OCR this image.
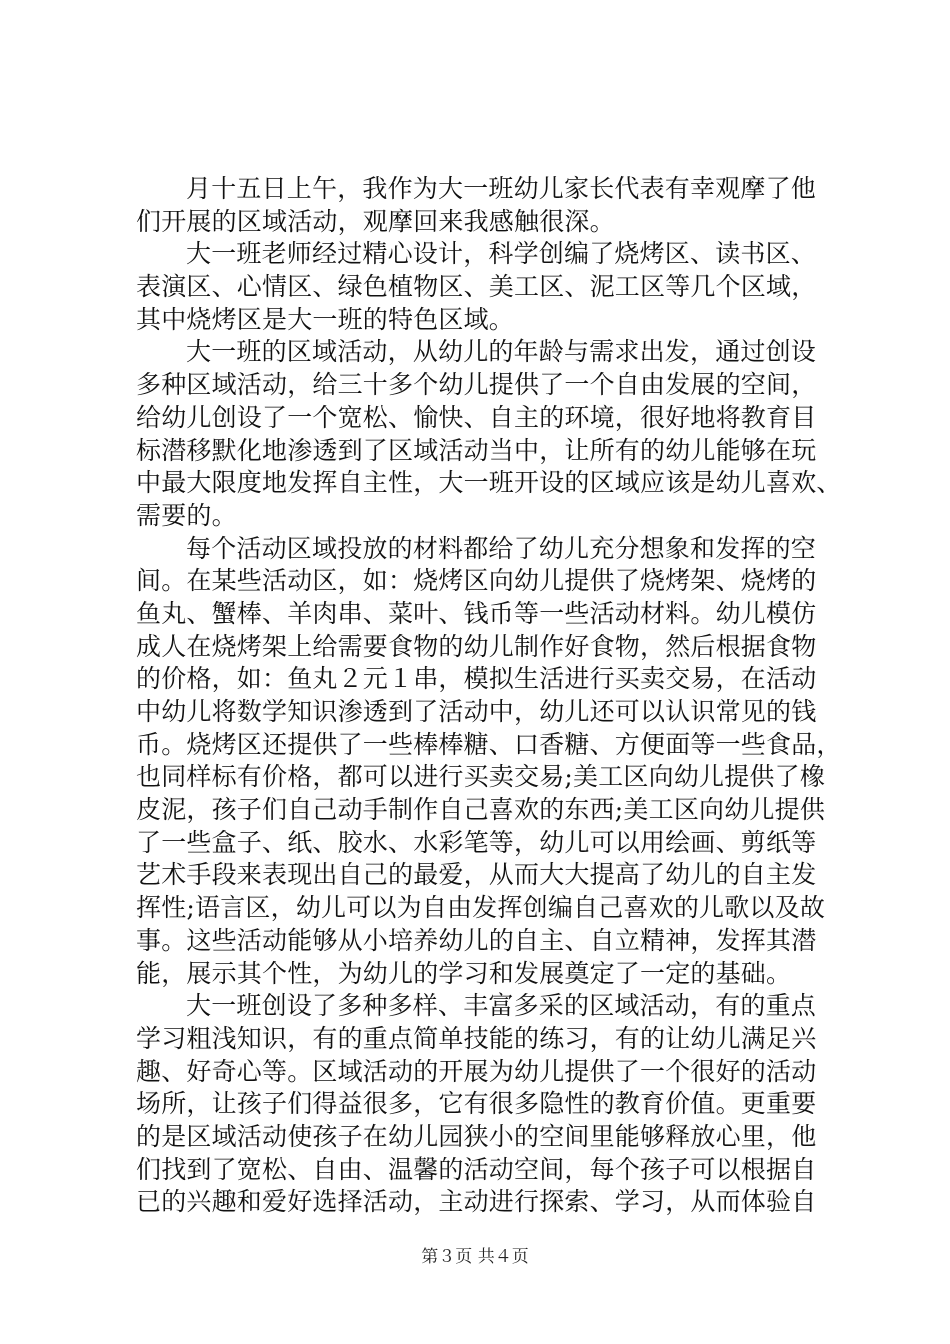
月十五日上午，我作为大一班幼儿家长代表有幸观摩了他
们开展的区域活动，观摩回来我感触很深。
大一班老师经过精心设计，科学创编了烧烤区、读书区、
表演区、心情区、绿色植物区、美工区、泥工区等几个区域，
其中烧烤区是大一班的特色区域。
大一班的区域活动，从幼儿的年龄与需求出发，通过创设
多种区域活动，给三十多个幼儿提供了一个自由发展的空间，
给幼儿创设了一个宽松、愉快、自主的环境，很好地将教育目
标潜移默化地渗透到了区域活动当中，让所有的幼儿能够在玩
中最大限度地发挥自主性，大一班开设的区域应该是幼儿喜欢、
需要的。
每个活动区域投放的材料都给了幼儿充分想象和发挥的空
间。在某些活动区，如：烧烤区向幼儿提供了烧烤架、烧烤的
鱼丸、蟹棒、羊肉串、菜叶、钱币等一些活动材料。幼儿模仿
成人在烧烤架上给需要食物的幼儿制作好食物，然后根据食物
的价格，如：鱼丸２元１串，模拟生活进行买卖交易，在活动
中幼儿将数学知识渗透到了活动中，幼儿还可以认识常见的钱
币。烧烤区还提供了一些棒棒糖、口香糖、方便面等一些食品，
也同样标有价格，都可以进行买卖交易;美工区向幼儿提供了橡
皮泥，孩子们自己动手制作自己喜欢的东西;美工区向幼儿提供
了一些盒子、纸、胶水、水彩笔等，幼儿可以用绘画、剪纸等
艺术手段来表现出自己的最爱，从而大大提高了幼儿的自主发
挥性;语言区，幼儿可以为自由发挥创编自己喜欢的儿歌以及故
事。这些活动能够从小培养幼儿的自主、自立精神，发挥其潜
能，展示其个性，为幼儿的学习和发展奠定了一定的基础。
大一班创设了多种多样、丰富多采的区域活动，有的重点
学习粗浅知识，有的重点简单技能的练习，有的让幼儿满足兴
趣、好奇心等。区域活动的开展为幼儿提供了一个很好的活动
场所，让孩子们得益很多，它有很多隐性的教育价值。更重要
的是区域活动使孩子在幼儿园狭小的空间里能够释放心里，他
们找到了宽松、自由、温馨的活动空间，每个孩子可以根据自
已的兴趣和爱好选择活动，主动进行探索、学习，从而体验自
第３页 共４页
